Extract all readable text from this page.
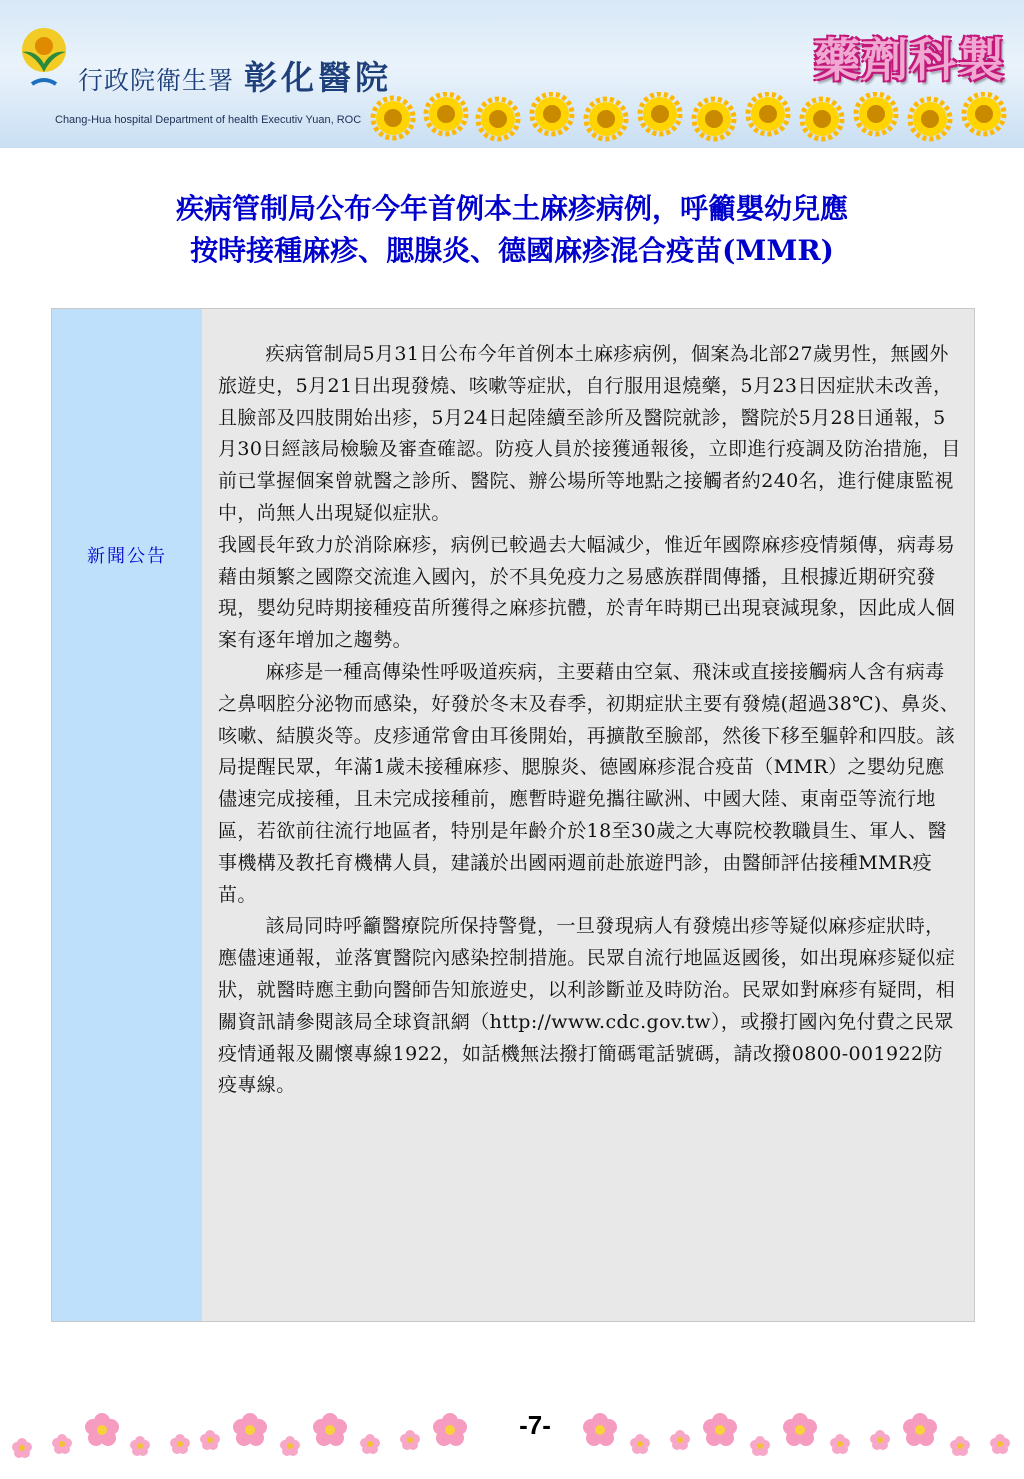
行政院衛生署 彰化醫院
Chang-Hua hospital Department of health Executiv Yuan, ROC
藥劑科製
疾病管制局公布今年首例本土麻疹病例，呼籲嬰幼兒應
按時接種麻疹、腮腺炎、德國麻疹混合疫苗(MMR)
新聞公告

疾病管制局5月31日公布今年首例本土麻疹病例，個案為北部27歲男性，無國外旅遊史，5月21日出現發燒、咳嗽等症狀，自行服用退燒藥，5月23日因症狀未改善，且臉部及四肢開始出疹，5月24日起陸續至診所及醫院就診，醫院於5月28日通報，5月30日經該局檢驗及審查確認。防疫人員於接獲通報後，立即進行疫調及防治措施，目前已掌握個案曾就醫之診所、醫院、辦公場所等地點之接觸者約240名，進行健康監視中，尚無人出現疑似症狀。

我國長年致力於消除麻疹，病例已較過去大幅減少，惟近年國際麻疹疫情頻傳，病毒易藉由頻繁之國際交流進入國內，於不具免疫力之易感族群間傳播，且根據近期研究發現，嬰幼兒時期接種疫苗所獲得之麻疹抗體，於青年時期已出現衰減現象，因此成人個案有逐年增加之趨勢。

麻疹是一種高傳染性呼吸道疾病，主要藉由空氣、飛沫或直接接觸病人含有病毒之鼻咽腔分泌物而感染，好發於冬末及春季，初期症狀主要有發燒(超過38℃)、鼻炎、咳嗽、結膜炎等。皮疹通常會由耳後開始，再擴散至臉部，然後下移至軀幹和四肢。該局提醒民眾，年滿1歲未接種麻疹、腮腺炎、德國麻疹混合疫苗（MMR）之嬰幼兒應儘速完成接種，且未完成接種前，應暫時避免攜往歐洲、中國大陸、東南亞等流行地區，若欲前往流行地區者，特別是年齡介於18至30歲之大專院校教職員生、軍人、醫事機構及教托育機構人員，建議於出國兩週前赴旅遊門診，由醫師評估接種MMR疫苗。

該局同時呼籲醫療院所保持警覺，一旦發現病人有發燒出疹等疑似麻疹症狀時，應儘速通報，並落實醫院內感染控制措施。民眾自流行地區返國後，如出現麻疹疑似症狀，就醫時應主動向醫師告知旅遊史，以利診斷並及時防治。民眾如對麻疹有疑問，相關資訊請參閱該局全球資訊網（http://www.cdc.gov.tw），或撥打國內免付費之民眾疫情通報及關懷專線1922，如話機無法撥打簡碼電話號碼，請改撥0800-001922防疫專線。

-7-
